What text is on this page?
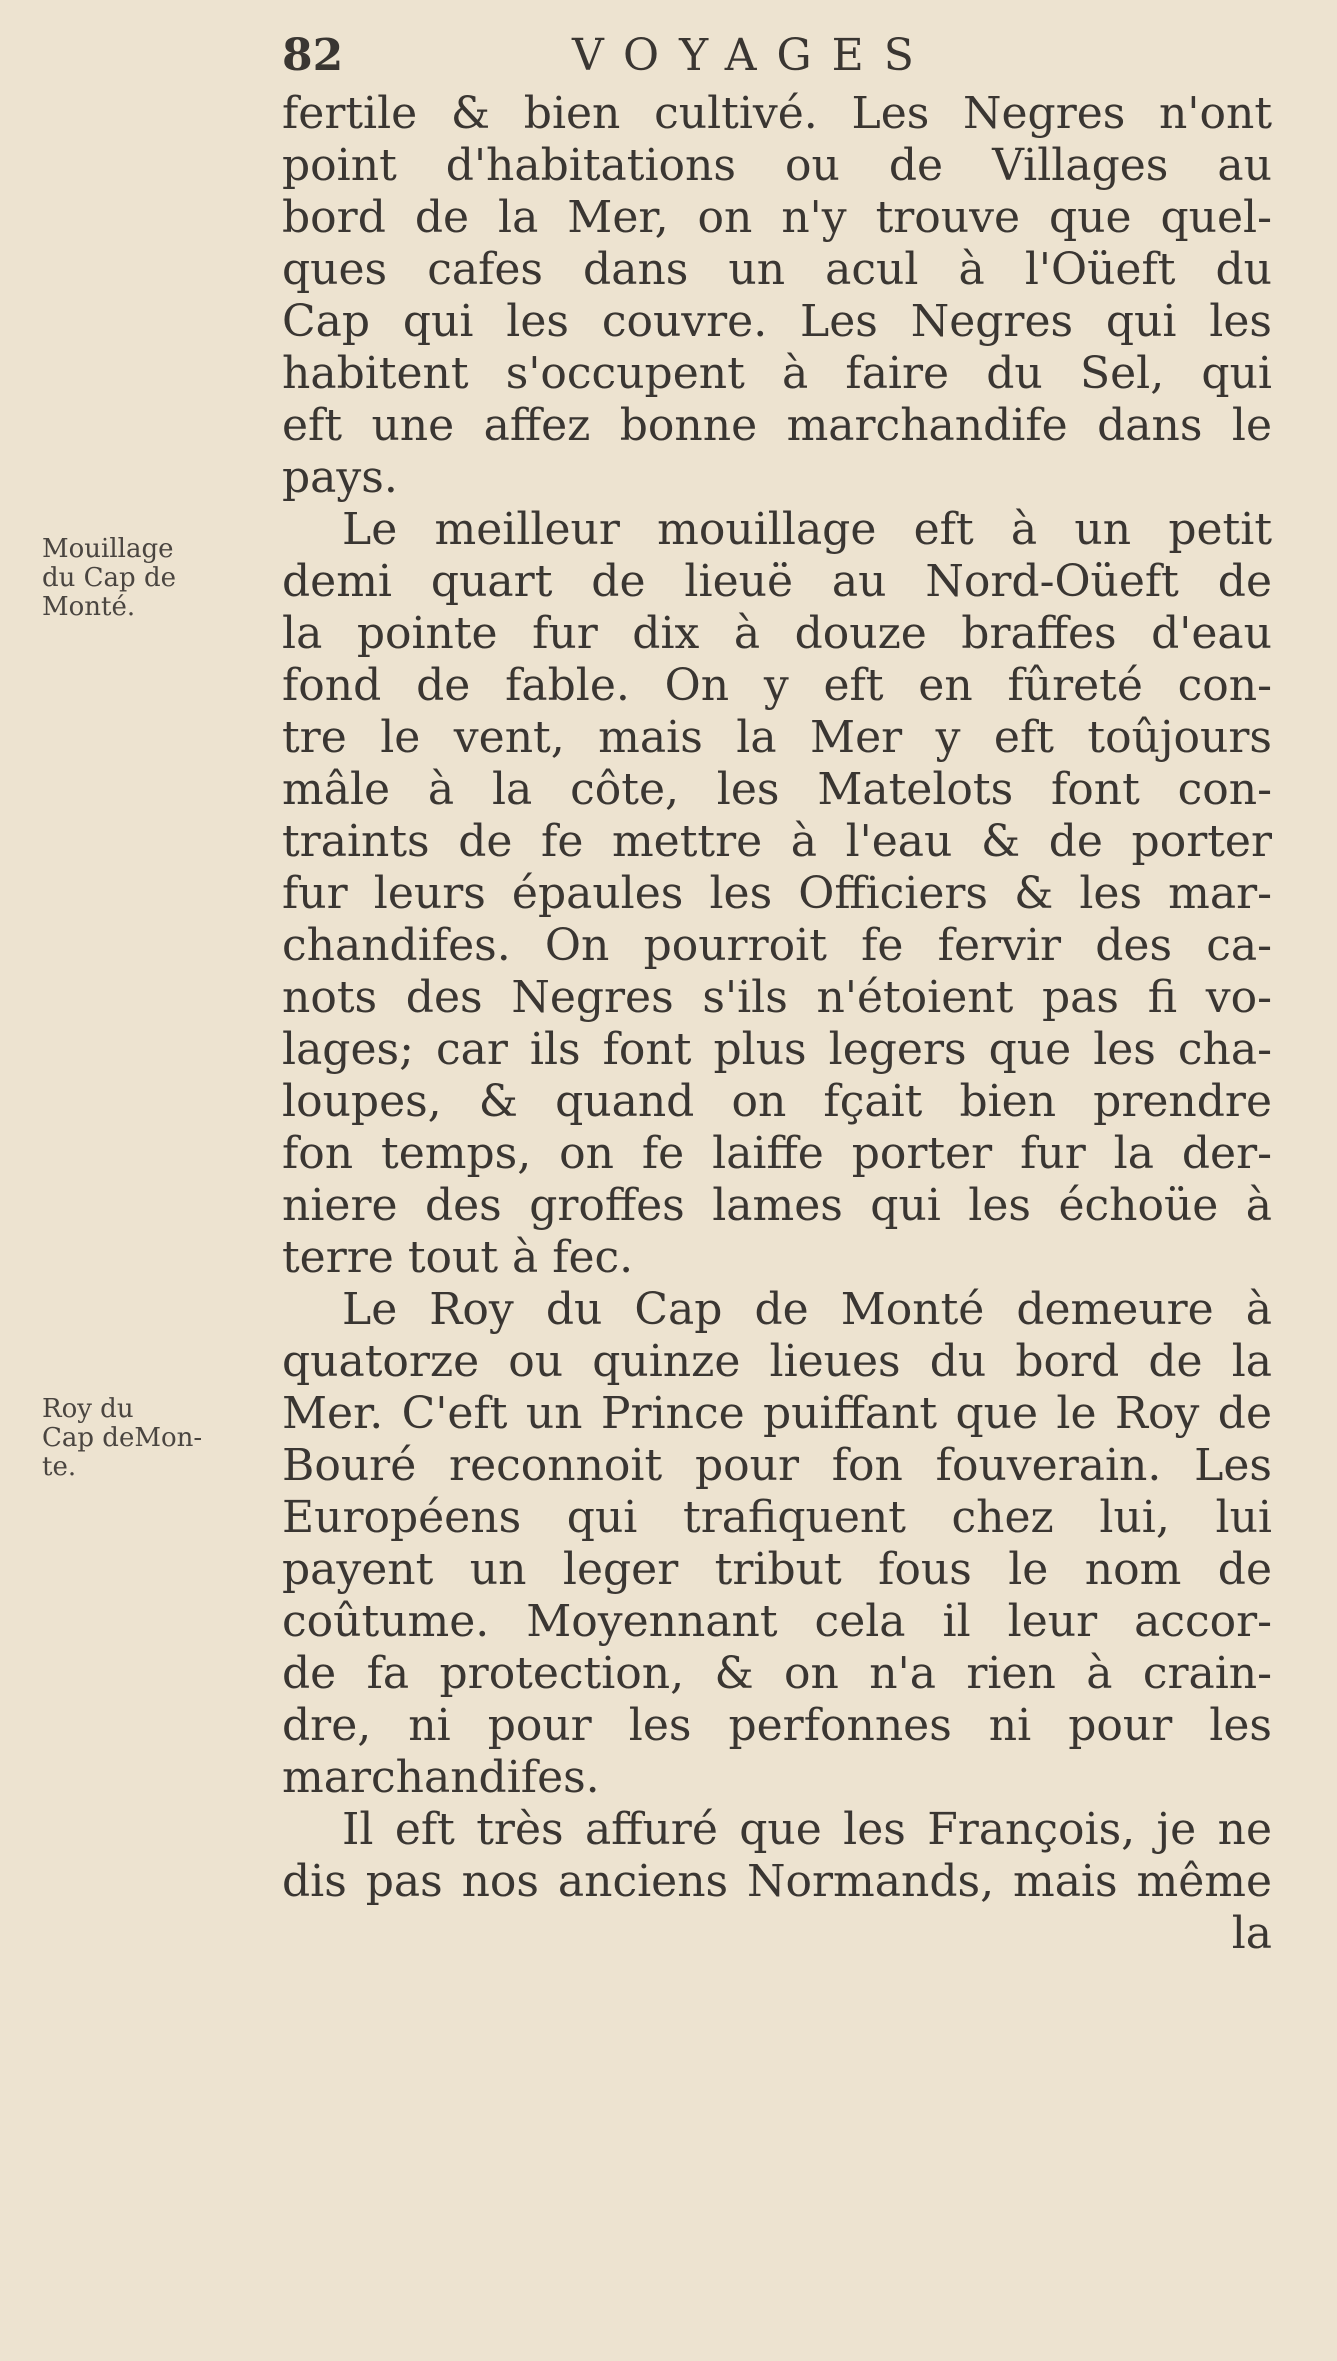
82	VOYAGES
Mouillage
du Cap de
Monté.
Roy du
Cap deMon-
te.
fertile & bien cultivé. Les Negres n'ont
point d'habitations ou de Villages au
bord de la Mer, on n'y trouve que quel-
ques cafes dans un acul à l'Oüeft du
Cap qui les couvre. Les Negres qui les
habitent s'occupent à faire du Sel, qui
eft une affez bonne marchandife dans le
pays.
Le meilleur mouillage eft à un petit
demi quart de lieuë au Nord-Oüeft de
la pointe fur dix à douze braffes d'eau
fond de fable. On y eft en fûreté con-
tre le vent, mais la Mer y eft toûjours
mâle à la côte, les Matelots font con-
traints de fe mettre à l'eau & de porter
fur leurs épaules les Officiers & les mar-
chandifes. On pourroit fe fervir des ca-
nots des Negres s'ils n'étoient pas fi vo-
lages; car ils font plus legers que les cha-
loupes, & quand on fçait bien prendre
fon temps, on fe laiffe porter fur la der-
niere des groffes lames qui les échoüe à
terre tout à fec.
Le Roy du Cap de Monté demeure à
quatorze ou quinze lieues du bord de la
Mer. C'eft un Prince puiffant que le Roy de
Bouré reconnoit pour fon fouverain. Les
Européens qui trafiquent chez lui, lui
payent un leger tribut fous le nom de
coûtume. Moyennant cela il leur accor-
de fa protection, & on n'a rien à crain-
dre, ni pour les perfonnes ni pour les
marchandifes.
Il eft très affuré que les François, je ne
dis pas nos anciens Normands, mais même
la
